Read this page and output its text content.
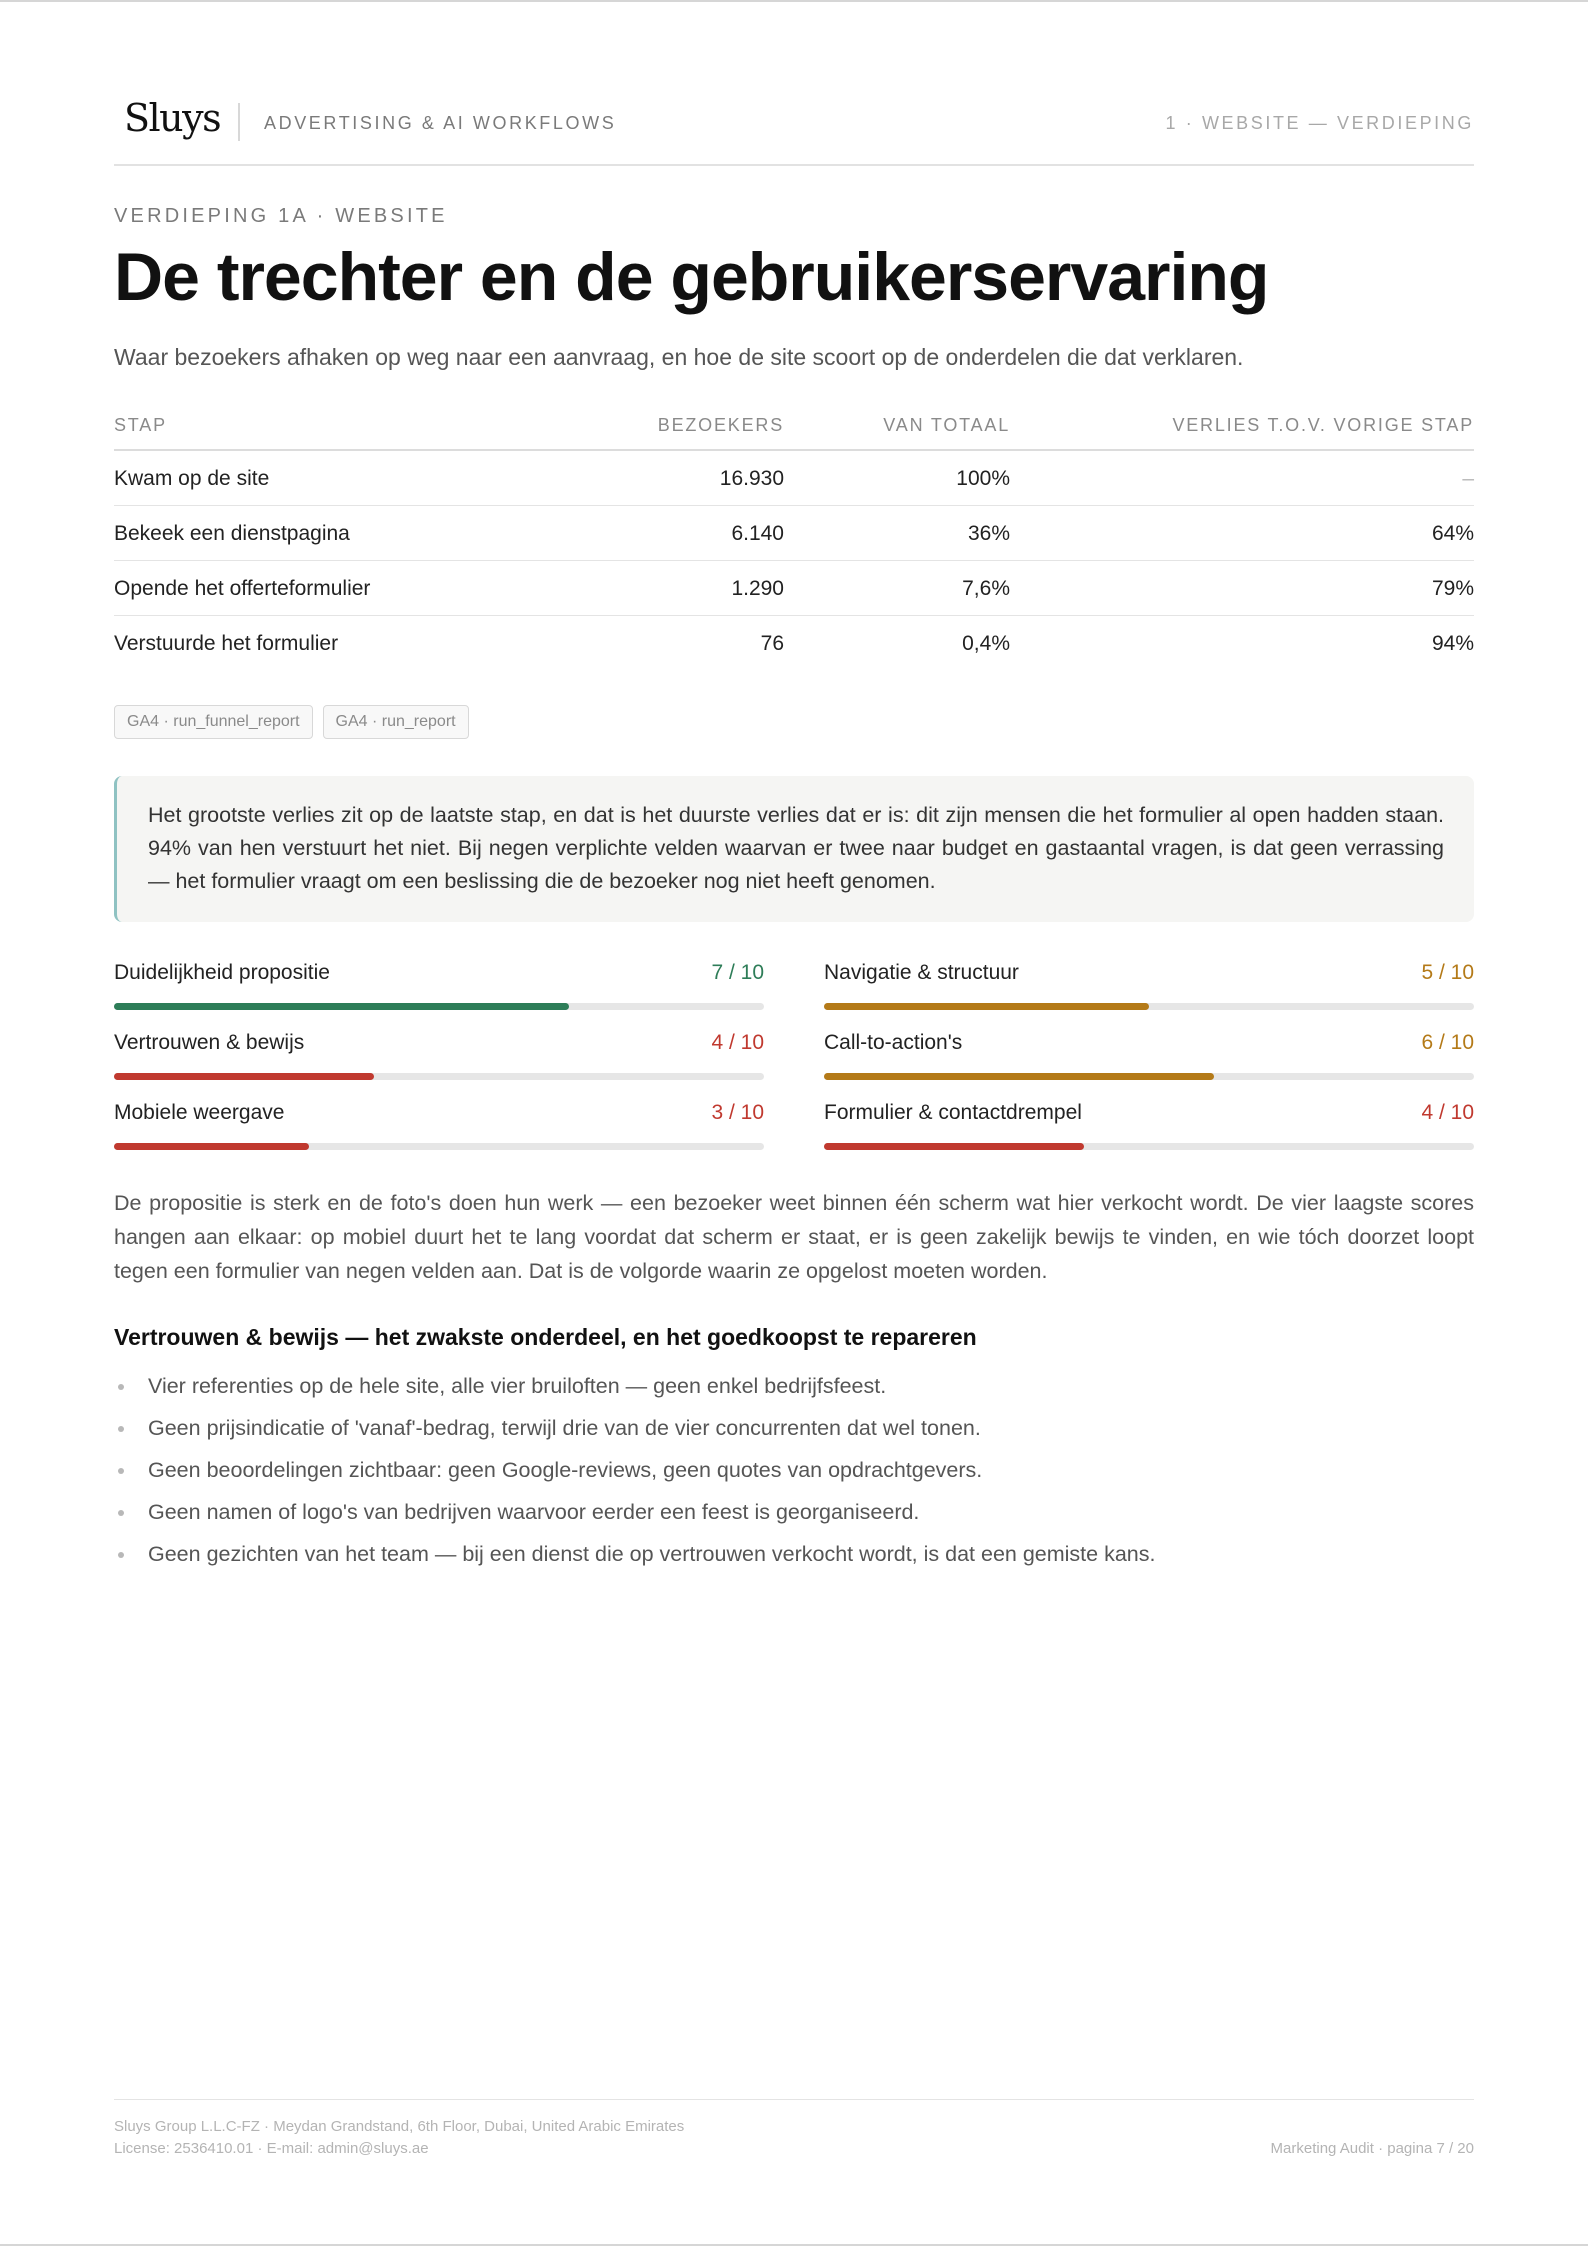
Sluys ADVERTISING & AI WORKFLOWS	1 · WEBSITE — VERDIEPING
VERDIEPING 1A · WEBSITE
De trechter en de gebruikerservaring

Waar bezoekers afhaken op weg naar een aanvraag, en hoe de site scoort op de onderdelen die dat verklaren.

STAP	BEZOEKERS	VAN TOTAAL	VERLIES T.O.V. VORIGE STAP
Kwam op de site	16.930	100%	–
Bekeek een dienstpagina	6.140	36%	64%
Opende het offerteformulier	1.290	7,6%	79%
Verstuurde het formulier	76	0,4%	94%
GA4 · run_funnel_report GA4 · run_report
Het grootste verlies zit op de laatste stap, en dat is het duurste verlies dat er is: dit zijn mensen die het formulier al open hadden staan. 94% van hen verstuurt het niet. Bij negen verplichte velden waarvan er twee naar budget en gastaantal vragen, is dat geen verrassing — het formulier vraagt om een beslissing die de bezoeker nog niet heeft genomen.
Duidelijkheid propositie	7 / 10	Navigatie & structuur	5 / 10
Vertrouwen & bewijs	4 / 10	Call-to-action's	6 / 10
Mobiele weergave	3 / 10	Formulier & contactdrempel	4 / 10

De propositie is sterk en de foto's doen hun werk — een bezoeker weet binnen één scherm wat hier verkocht wordt. De vier laagste scores hangen aan elkaar: op mobiel duurt het te lang voordat dat scherm er staat, er is geen zakelijk bewijs te vinden, en wie tóch doorzet loopt tegen een formulier van negen velden aan. Dat is de volgorde waarin ze opgelost moeten worden.

Vertrouwen & bewijs — het zwakste onderdeel, en het goedkoopst te repareren
Vier referenties op de hele site, alle vier bruiloften — geen enkel bedrijfsfeest.
Geen prijsindicatie of 'vanaf'-bedrag, terwijl drie van de vier concurrenten dat wel tonen.
Geen beoordelingen zichtbaar: geen Google-reviews, geen quotes van opdrachtgevers.
Geen namen of logo's van bedrijven waarvoor eerder een feest is georganiseerd.
Geen gezichten van het team — bij een dienst die op vertrouwen verkocht wordt, is dat een gemiste kans.
Sluys Group L.L.C-FZ · Meydan Grandstand, 6th Floor, Dubai, United Arabic Emirates
License: 2536410.01 · E-mail: admin@sluys.ae	Marketing Audit · pagina 7 / 20
